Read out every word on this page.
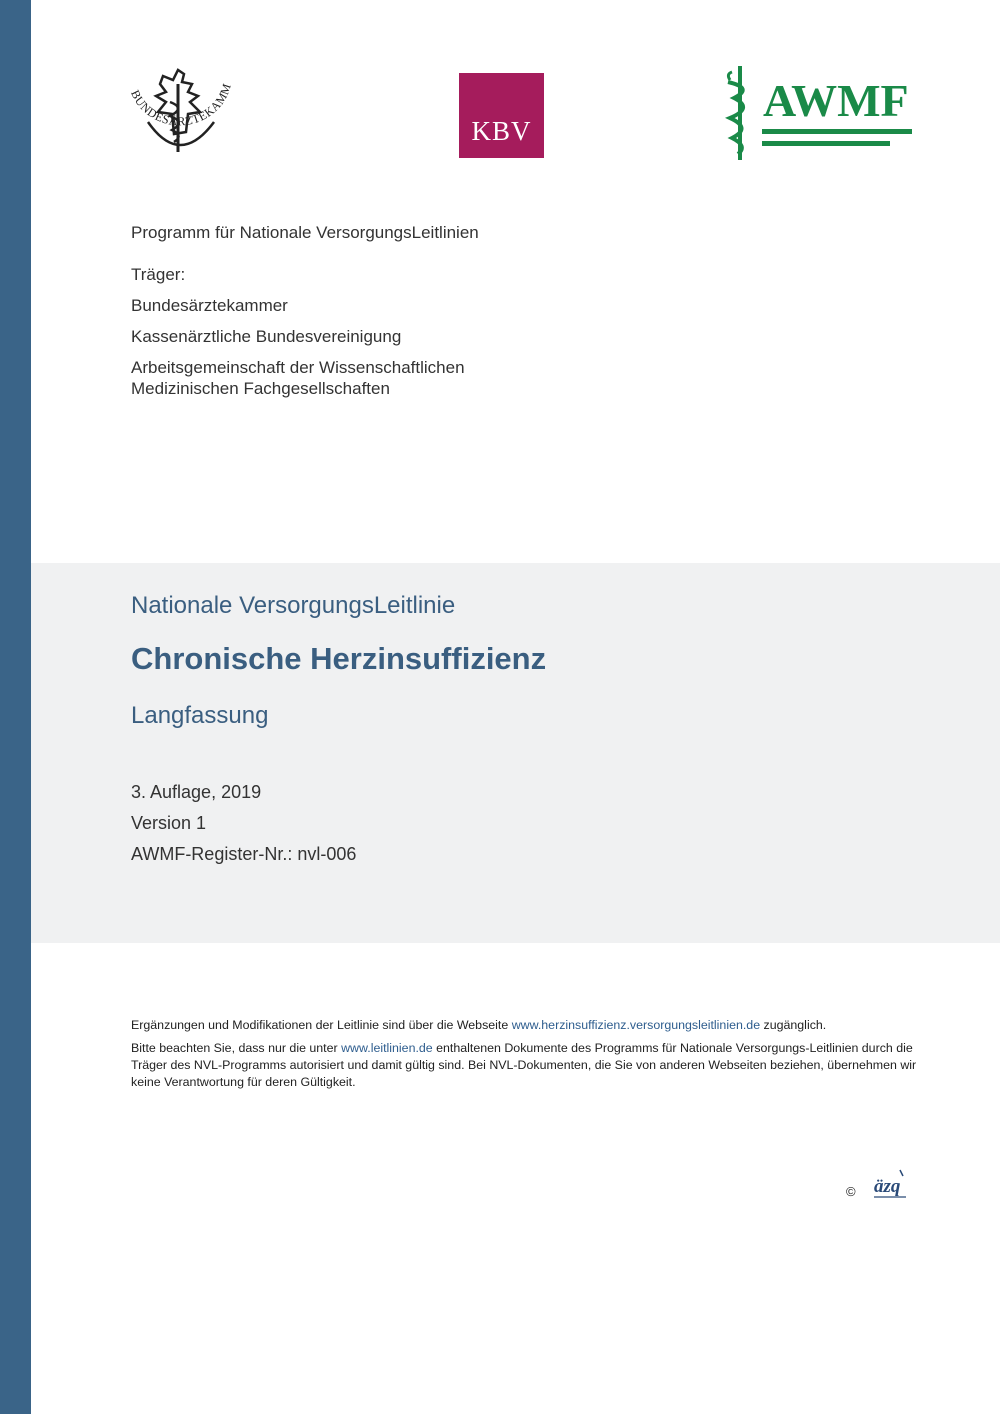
BUNDESÄRZTEKAMM
KBV
AWMF
Programm für Nationale VersorgungsLeitlinien
Träger:
Bundesärztekammer
Kassenärztliche Bundesvereinigung
Arbeitsgemeinschaft der Wissenschaftlichen
Medizinischen Fachgesellschaften
Nationale VersorgungsLeitlinie
Chronische Herzinsuffizienz
Langfassung
3. Auflage, 2019
Version 1
AWMF-Register-Nr.: nvl-006

Ergänzungen und Modifikationen der Leitlinie sind über die Webseite www.herzinsuffizienz.versorgungsleitlinien.de zugänglich.

Bitte beachten Sie, dass nur die unter www.leitlinien.de enthaltenen Dokumente des Programms für Nationale Versorgungs-Leitlinien durch die Träger des NVL-Programms autorisiert und damit gültig sind. Bei NVL-Dokumenten, die Sie von anderen Webseiten beziehen, übernehmen wir keine Verantwortung für deren Gültigkeit.

© äzq
